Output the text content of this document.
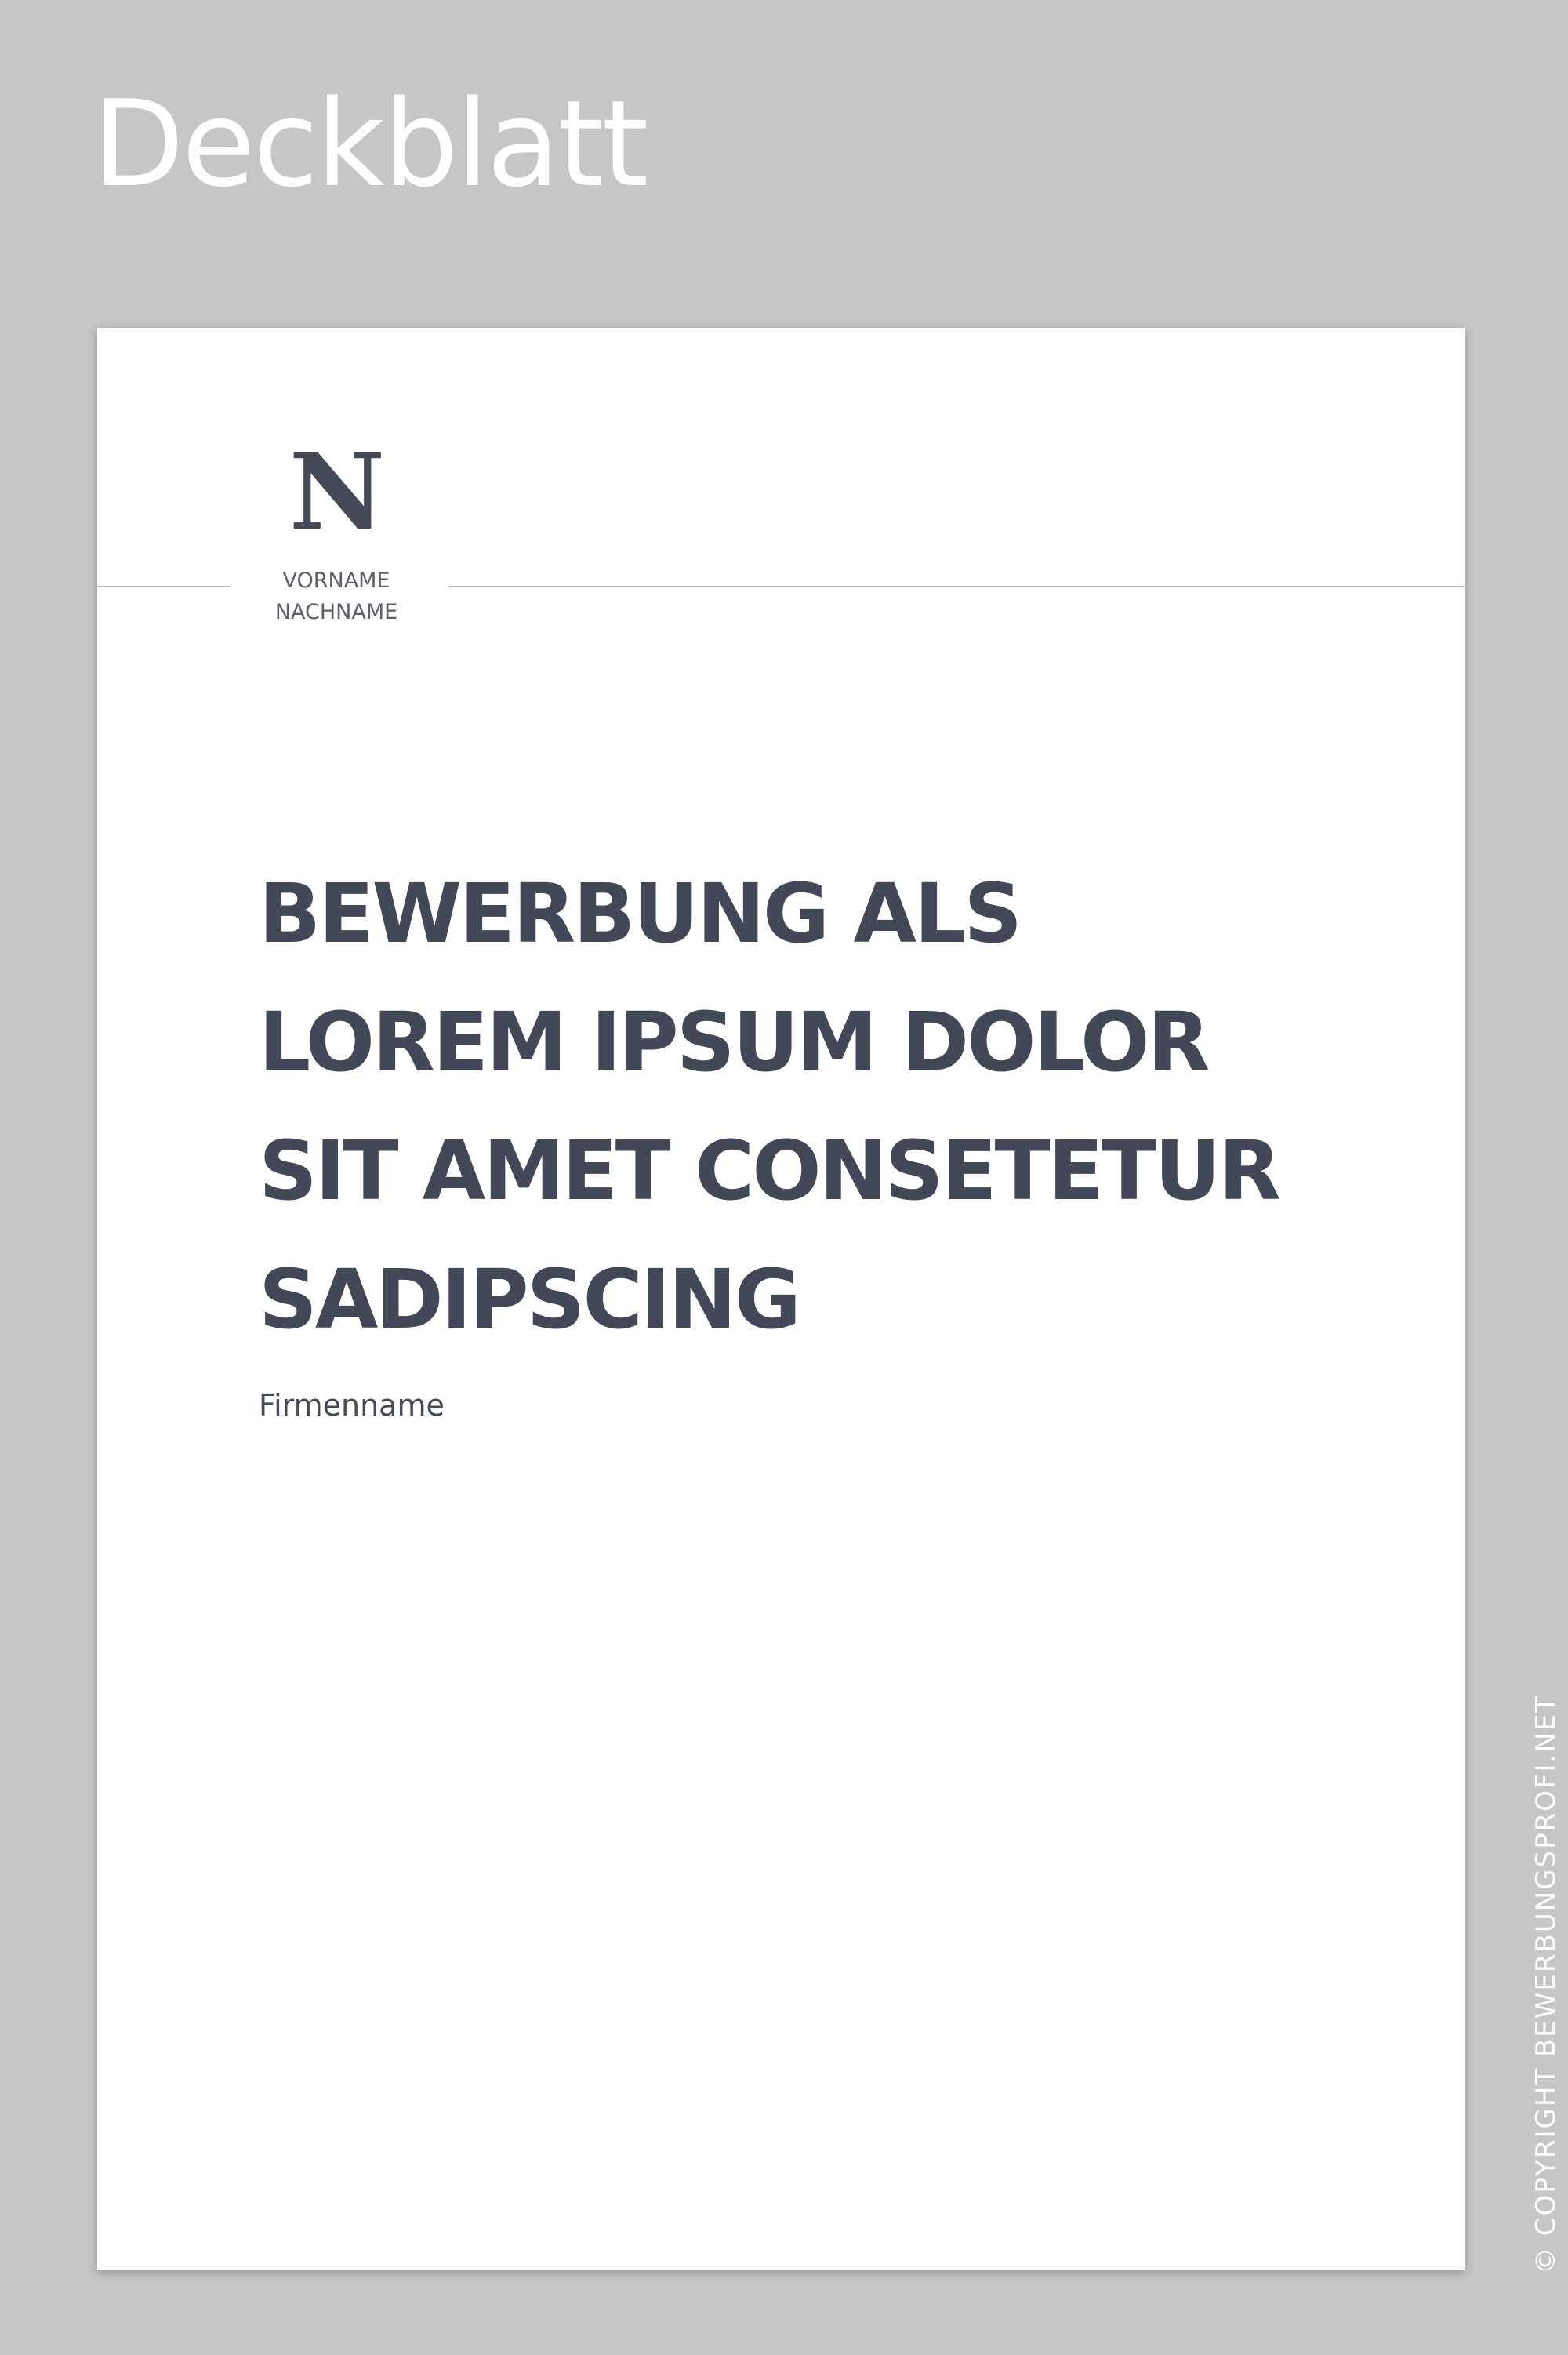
Deckblatt
N
VORNAME
NACHNAME
BEWERBUNG ALS
LOREM IPSUM DOLOR
SIT AMET CONSETETUR
SADIPSCING
Firmenname
© COPYRIGHT BEWERBUNGSPROFI.NET
